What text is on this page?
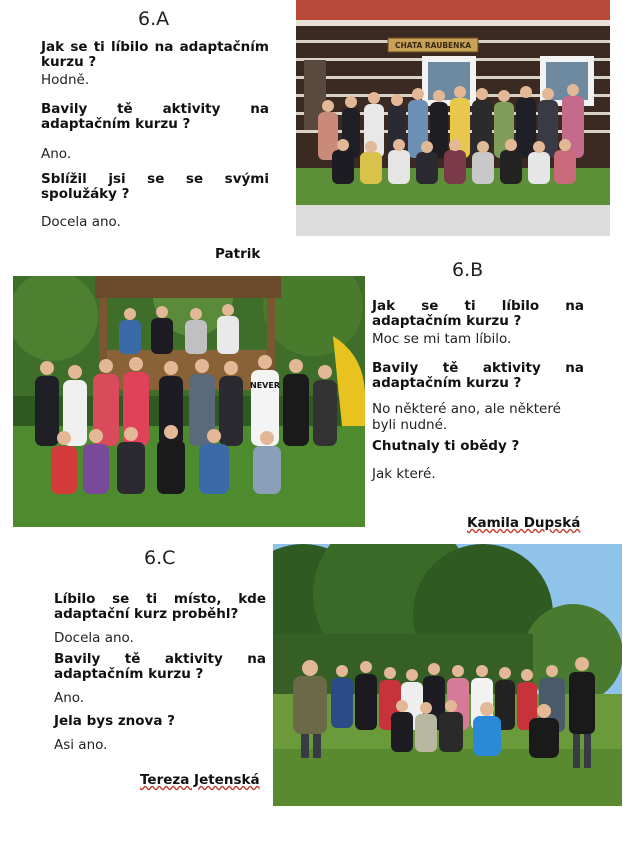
6.A

Jak se ti líbilo na adaptačním kurzu ?

Hodně.

Bavily tě aktivity na adaptačním kurzu ?

Ano.

Sblížil jsi se se svými spolužáky ?

Docela ano.

Patrik
CHATA RAUBENKA
NEVER
6.B

Jak se ti líbilo na adaptačním kurzu ?

Moc se mi tam líbilo.

Bavily tě aktivity na adaptačním kurzu ?

No některé ano, ale některé byli nudné.

Chutnaly ti obědy ?

Jak které.

Kamila Dupská
6.C

Líbilo se ti místo, kde adaptační kurz proběhl?

Docela ano.

Bavily tě aktivity na adaptačním kurzu ?

Ano.

Jela bys znova ?

Asi ano.

Tereza Jetenská
